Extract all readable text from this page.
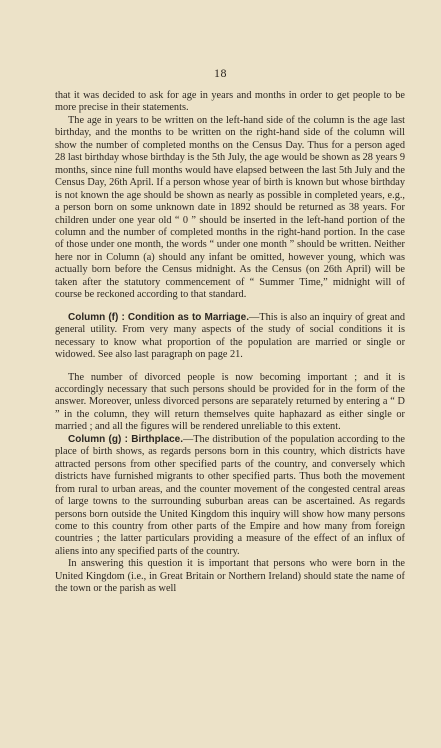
18

that it was decided to ask for age in years and months in order to get people to be more precise in their statements.

The age in years to be written on the left-hand side of the column is the age last birthday, and the months to be written on the right-hand side of the column will show the number of completed months on the Census Day. Thus for a person aged 28 last birthday whose birthday is the 5th July, the age would be shown as 28 years 9 months, since nine full months would have elapsed between the last 5th July and the Census Day, 26th April. If a person whose year of birth is known but whose birthday is not known the age should be shown as nearly as possible in completed years, e.g., a person born on some unknown date in 1892 should be returned as 38 years. For children under one year old “ 0 ” should be inserted in the left-hand portion of the column and the number of completed months in the right-hand portion. In the case of those under one month, the words “ under one month ” should be written. Neither here nor in Column (a) should any infant be omitted, however young, which was actually born before the Census midnight. As the Census (on 26th April) will be taken after the statutory commencement of “ Summer Time,” midnight will of course be reckoned according to that standard.

Column (f) : Condition as to Marriage.—This is also an inquiry of great and general utility. From very many aspects of the study of social conditions it is necessary to know what proportion of the population are married or single or widowed. See also last paragraph on page 21.

The number of divorced people is now becoming important ; and it is accordingly necessary that such persons should be provided for in the form of the answer. Moreover, unless divorced persons are separately returned by entering a “ D ” in the column, they will return themselves quite haphazard as either single or married ; and all the figures will be rendered unreliable to this extent.

Column (g) : Birthplace.—The distribution of the population according to the place of birth shows, as regards persons born in this country, which districts have attracted persons from other specified parts of the country, and conversely which districts have furnished migrants to other specified parts. Thus both the movement from rural to urban areas, and the counter movement of the congested central areas of large towns to the surrounding suburban areas can be ascertained. As regards persons born outside the United Kingdom this inquiry will show how many persons come to this country from other parts of the Empire and how many from foreign countries ; the latter particulars providing a measure of the effect of an influx of aliens into any specified parts of the country.

In answering this question it is important that persons who were born in the United Kingdom (i.e., in Great Britain or Northern Ireland) should state the name of the town or the parish as well
